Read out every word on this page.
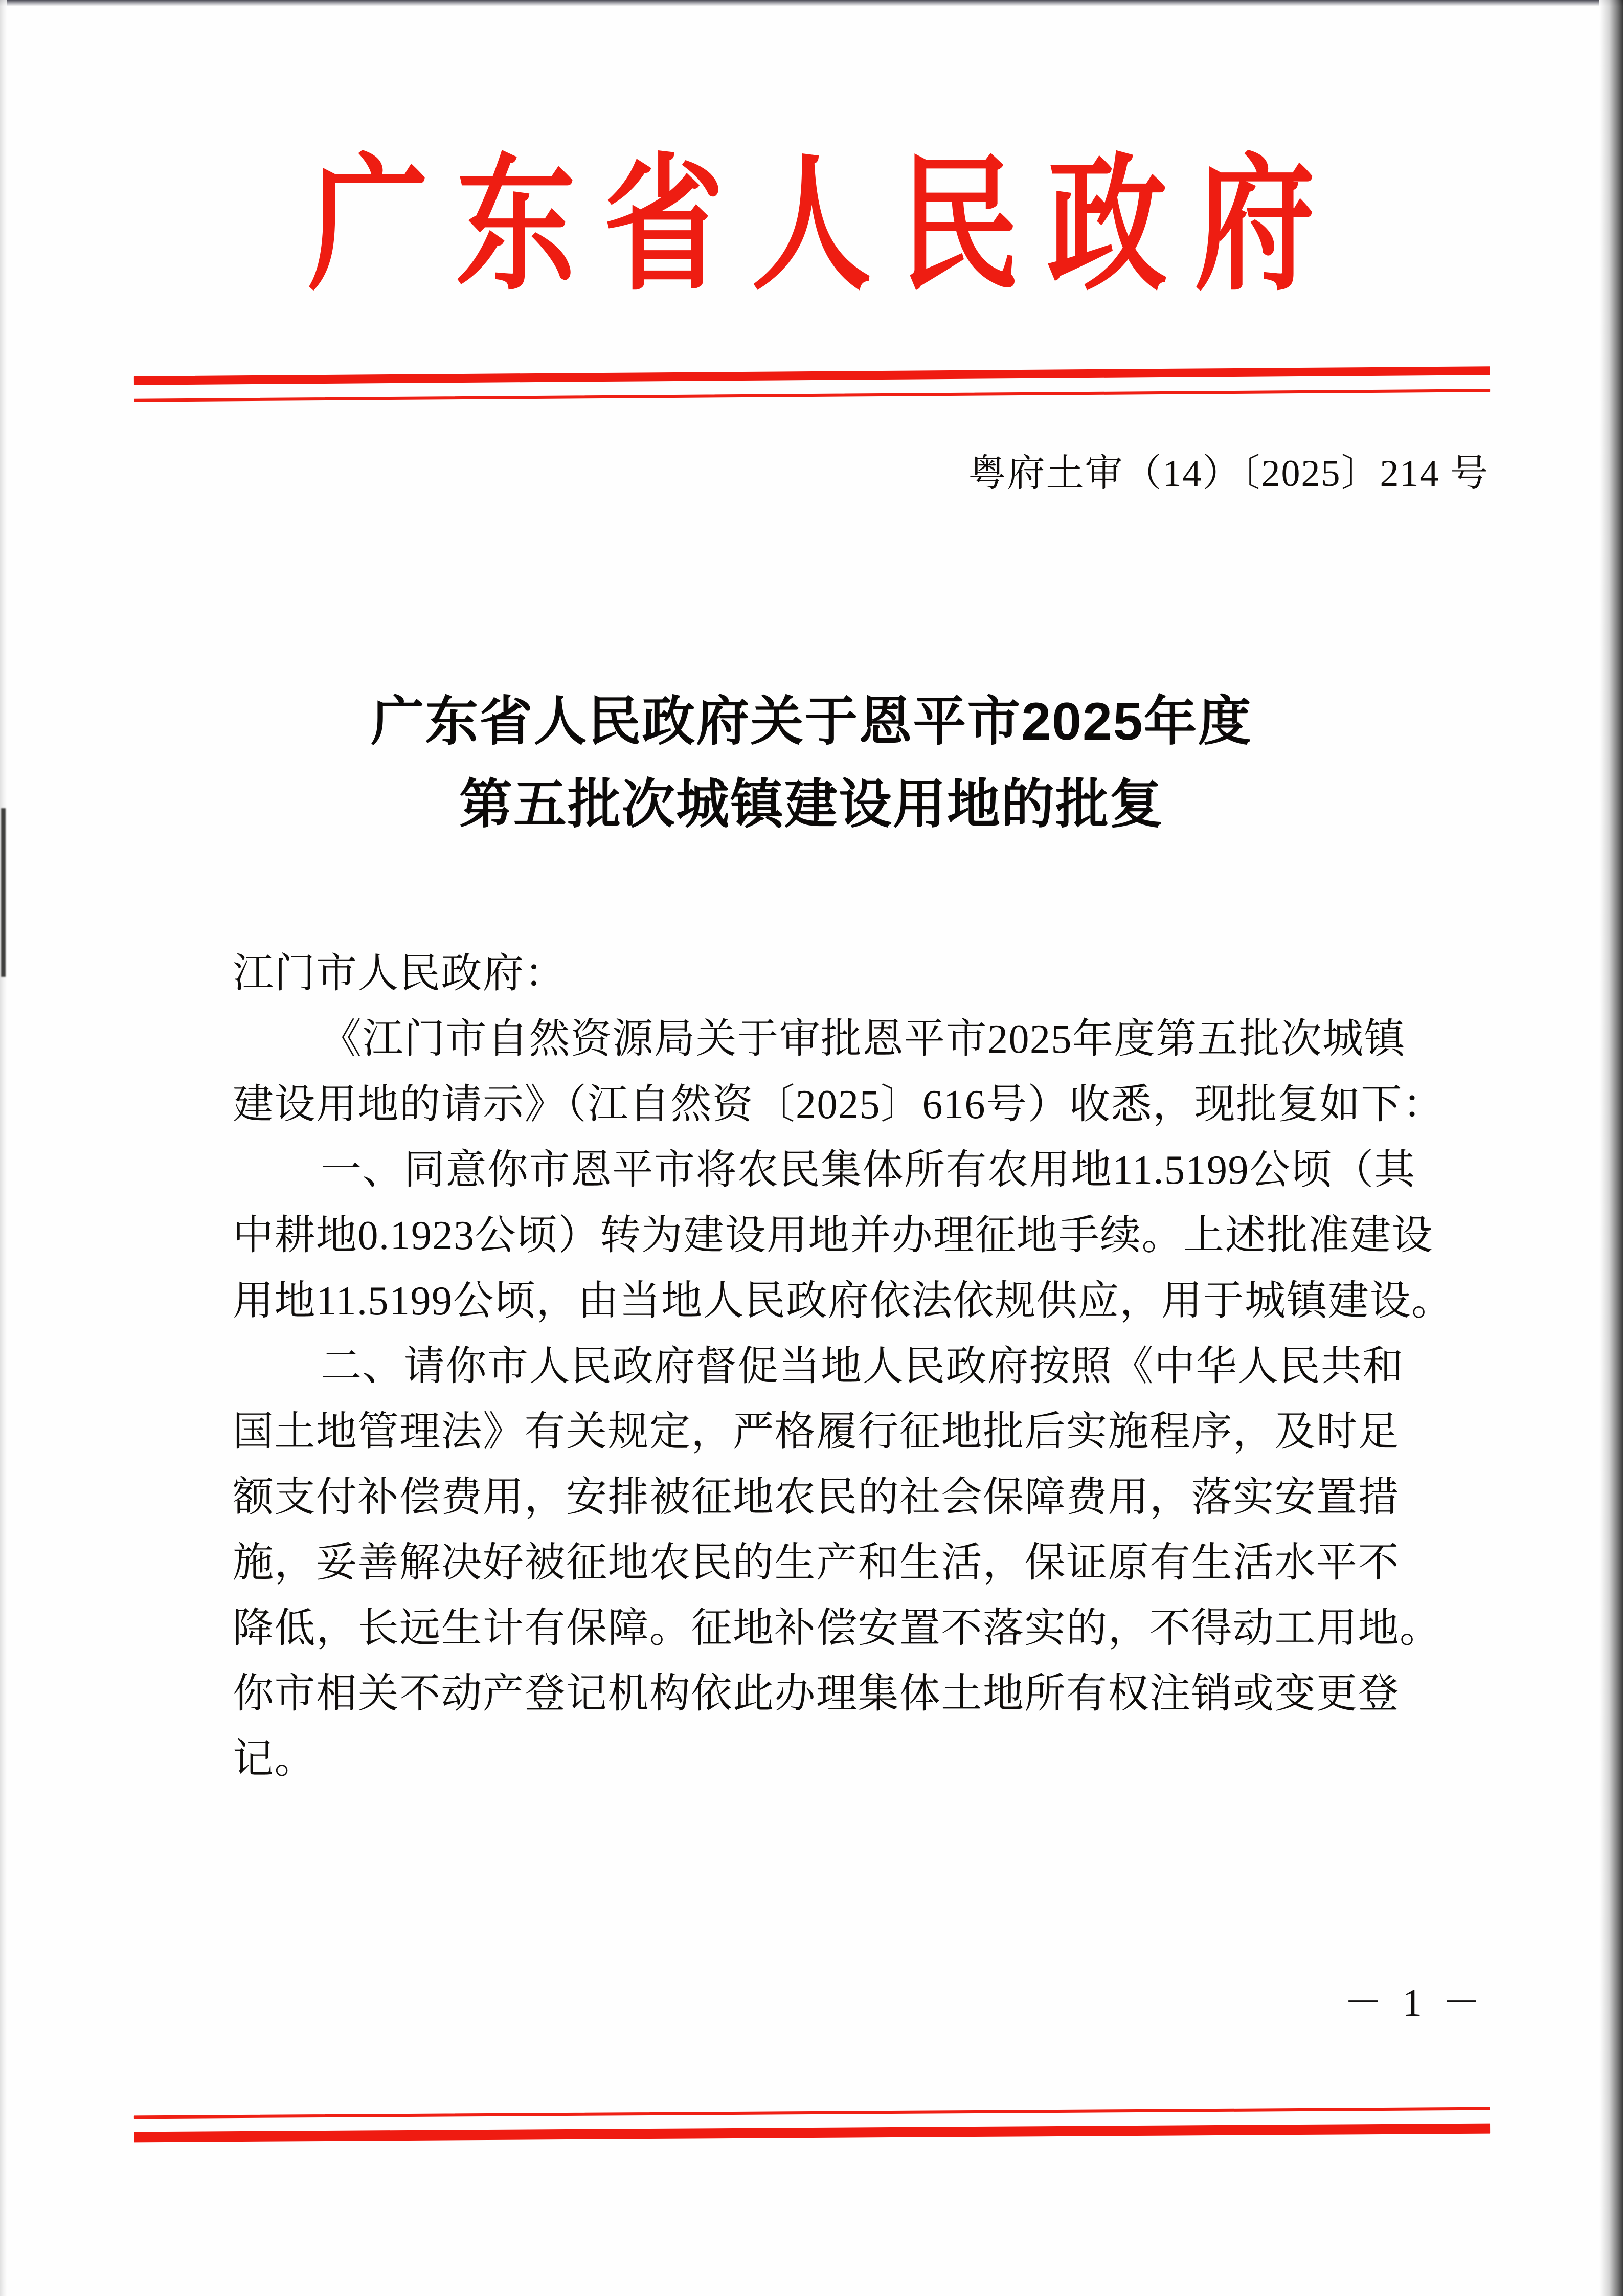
广东省人民政府
粤府土审（14）〔2025〕214 号
广东省人民政府关于恩平市2025年度
第五批次城镇建设用地的批复
江门市人民政府：
《江门市自然资源局关于审批恩平市2025年度第五批次城镇
建设用地的请示》（江自然资〔2025〕616号）收悉，现批复如下：
一、同意你市恩平市将农民集体所有农用地11.5199公顷（其
中耕地0.1923公顷）转为建设用地并办理征地手续。上述批准建设
用地11.5199公顷，由当地人民政府依法依规供应，用于城镇建设。
二、请你市人民政府督促当地人民政府按照《中华人民共和
国土地管理法》有关规定，严格履行征地批后实施程序，及时足
额支付补偿费用，安排被征地农民的社会保障费用，落实安置措
施，妥善解决好被征地农民的生产和生活，保证原有生活水平不
降低，长远生计有保障。征地补偿安置不落实的，不得动工用地。
你市相关不动产登记机构依此办理集体土地所有权注销或变更登
记。
－ 1 －
